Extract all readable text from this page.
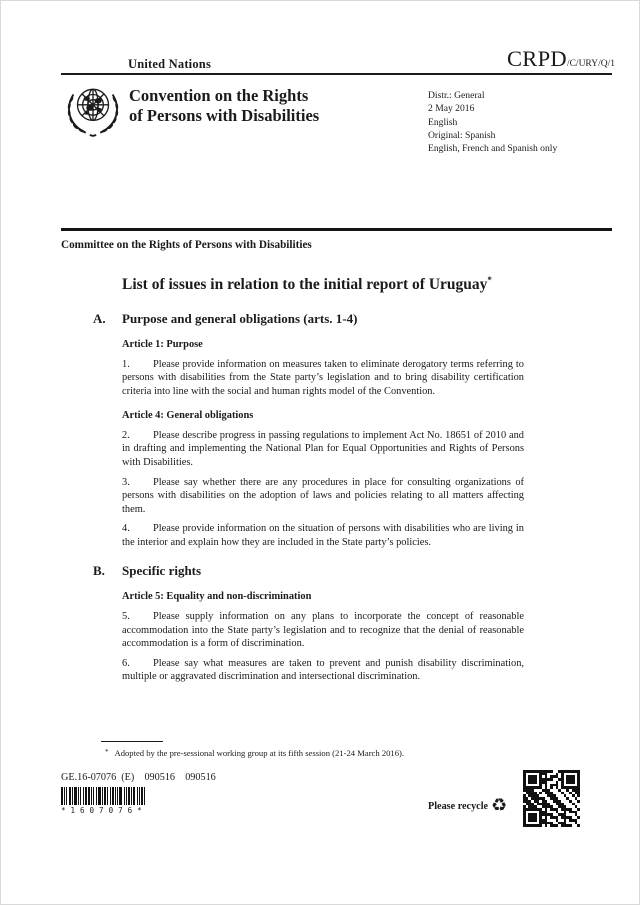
United Nations	CRPD/C/URY/Q/1
Convention on the Rights
of Persons with Disabilities
Distr.: General
2 May 2016
English
Original: Spanish
English, French and Spanish only
Committee on the Rights of Persons with Disabilities
List of issues in relation to the initial report of Uruguay*
A.	Purpose and general obligations (arts. 1-4)
Article 1: Purpose

1. Please provide information on measures taken to eliminate derogatory terms referring to persons with disabilities from the State party’s legislation and to bring disability certification criteria into line with the social and human rights model of the Convention.

Article 4: General obligations

2. Please describe progress in passing regulations to implement Act No. 18651 of 2010 and in drafting and implementing the National Plan for Equal Opportunities and Rights of Persons with Disabilities.

3. Please say whether there are any procedures in place for consulting organizations of persons with disabilities on the adoption of laws and policies relating to all matters affecting them.

4. Please provide information on the situation of persons with disabilities who are living in the interior and explain how they are included in the State party’s policies.

B.	Specific rights
Article 5: Equality and non-discrimination

5. Please supply information on any plans to incorporate the concept of reasonable accommodation into the State party’s legislation and to recognize that the denial of reasonable accommodation is a form of discrimination.

6. Please say what measures are taken to prevent and punish disability discrimination, multiple or aggravated discrimination and intersectional discrimination.

* Adopted by the pre-sessional working group at its fifth session (21-24 March 2016).
GE.16-07076  (E)    090516    090516
*1607076*	Please recycle ♻
